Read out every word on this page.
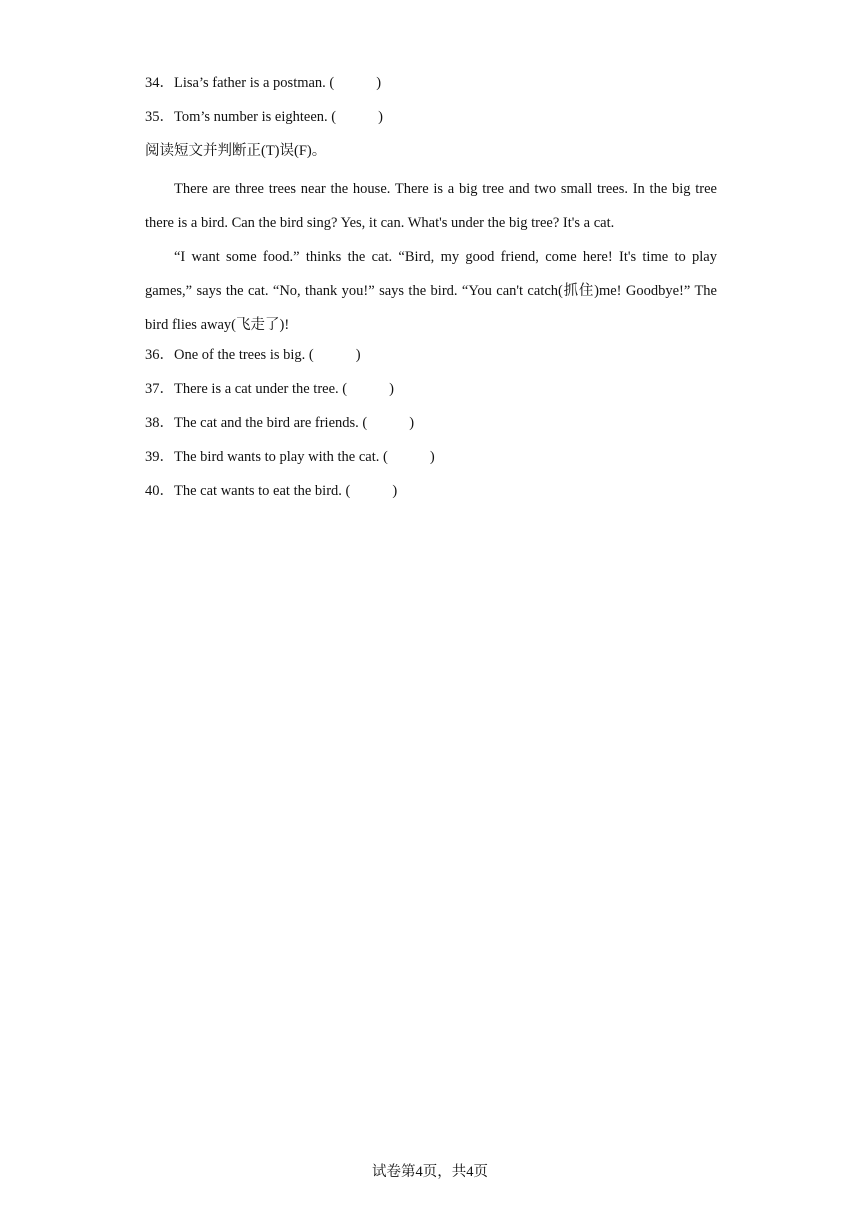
34．Lisa’s father is a postman. (	)
35．Tom’s number is eighteen. (	)
阅读短文并判断正(T)误(F)。

There are three trees near the house. There is a big tree and two small trees. In the big tree there is a bird. Can the bird sing? Yes, it can. What's under the big tree? It's a cat.

“I want some food.” thinks the cat. “Bird, my good friend, come here! It's time to play games,” says the cat. “No, thank you!” says the bird. “You can't catch(抓住)me! Goodbye!” The bird flies away(飞走了)!

36．One of the trees is big. (	)
37．There is a cat under the tree. (	)
38．The cat and the bird are friends. (	)
39．The bird wants to play with the cat. (	)
40．The cat wants to eat the bird. (	)
试卷第4页，共4页
